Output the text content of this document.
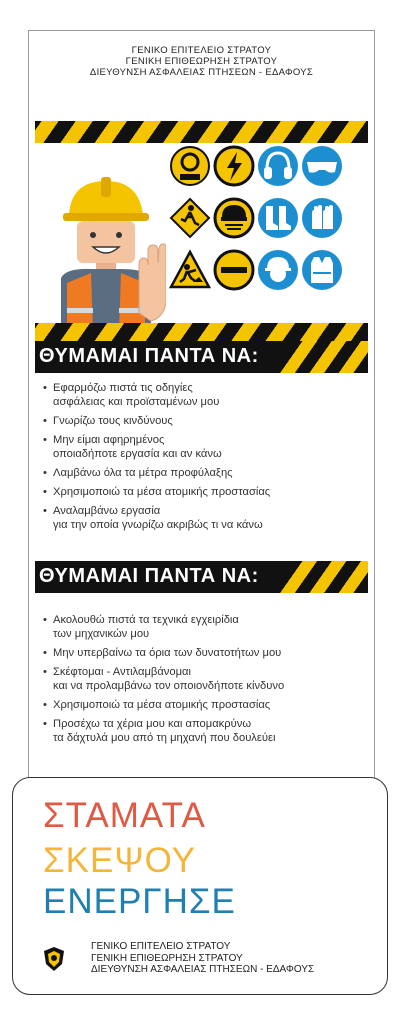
ΓΕΝΙΚΟ ΕΠΙΤΕΛΕΙΟ ΣΤΡΑΤΟΥ
ΓΕΝΙΚΗ ΕΠΙΘΕΩΡΗΣΗ ΣΤΡΑΤΟΥ
ΔΙΕΥΘΥΝΣΗ ΑΣΦΑΛΕΙΑΣ ΠΤΗΣΕΩΝ - ΕΔΑΦΟΥΣ
ΘΥΜΑΜΑΙ ΠΑΝΤΑ ΝΑ:
• Εφαρμόζω πιστά τις οδηγίες
ασφάλειας και προϊσταμένων μου
• Γνωρίζω τους κινδύνους
• Μην είμαι αφηρημένος
οποιαδήποτε εργασία και αν κάνω
• Λαμβάνω όλα τα μέτρα προφύλαξης
• Χρησιμοποιώ τα μέσα ατομικής προστασίας
• Αναλαμβάνω εργασία
για την οποία γνωρίζω ακριβώς τι να κάνω
ΘΥΜΑΜΑΙ ΠΑΝΤΑ ΝΑ:
• Ακολουθώ πιστά τα τεχνικά εγχειρίδια
των μηχανικών μου
• Μην υπερβαίνω τα όρια των δυνατοτήτων μου
• Σκέφτομαι - Αντιλαμβάνομαι
και να προλαμβάνω τον οποιονδήποτε κίνδυνο
• Χρησιμοποιώ τα μέσα ατομικής προστασίας
• Προσέχω τα χέρια μου και απομακρύνω
τα δάχτυλά μου από τη μηχανή που δουλεύει
ΣΤΑΜΑΤΑ
ΣΚΕΨΟΥ
ΕΝΕΡΓΗΣΕ
ΓΕΝΙΚΟ ΕΠΙΤΕΛΕΙΟ ΣΤΡΑΤΟΥ
ΓΕΝΙΚΗ ΕΠΙΘΕΩΡΗΣΗ ΣΤΡΑΤΟΥ
ΔΙΕΥΘΥΝΣΗ ΑΣΦΑΛΕΙΑΣ ΠΤΗΣΕΩΝ - ΕΔΑΦΟΥΣ
